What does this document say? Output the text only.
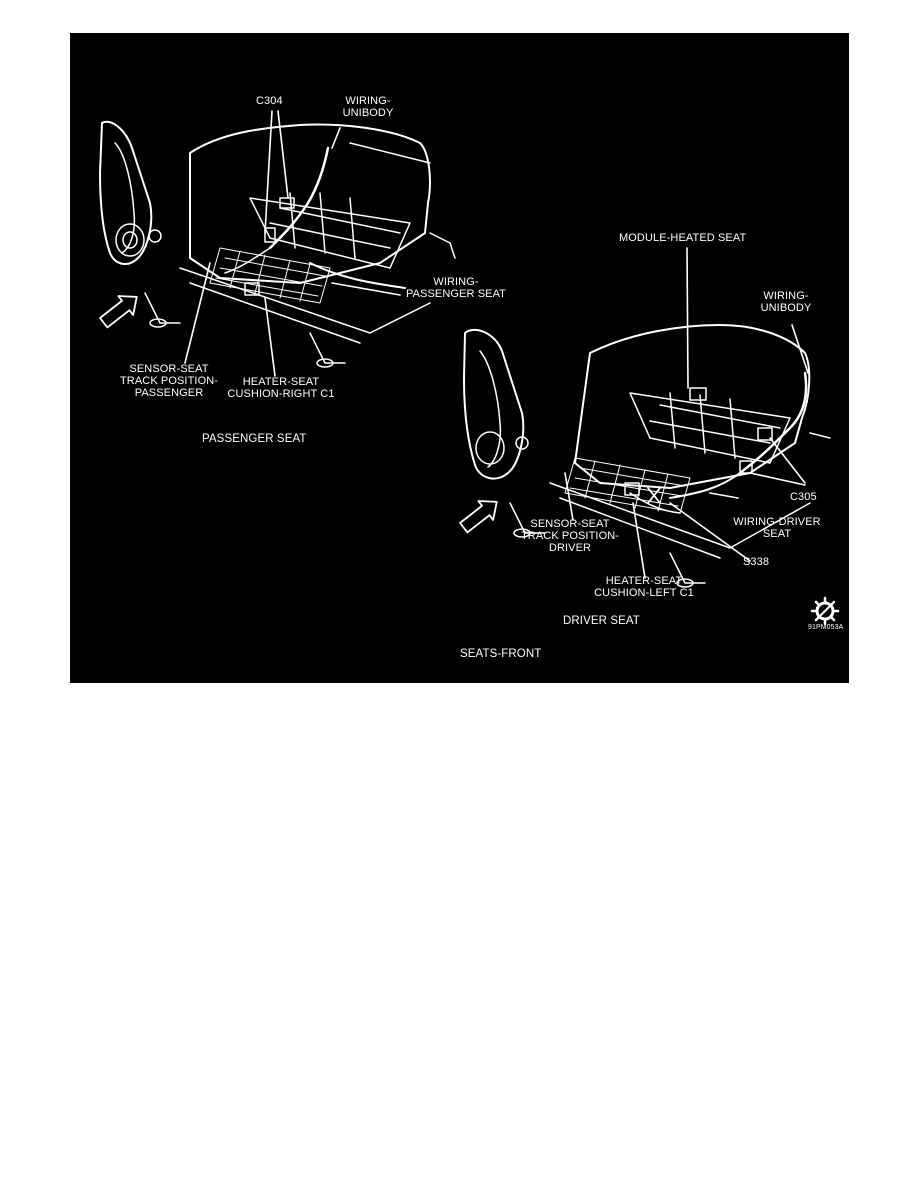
C304	WIRING-
UNIBODY
WIRING-
PASSENGER SEAT
SENSOR-SEAT
TRACK POSITION-
PASSENGER
HEATER-SEAT
CUSHION-RIGHT C1
PASSENGER SEAT
MODULE-HEATED SEAT
WIRING-
UNIBODY
C305
WIRING-DRIVER
SEAT
S338
SENSOR-SEAT
TRACK POSITION-
DRIVER
HEATER-SEAT
CUSHION-LEFT C1
DRIVER SEAT
91PM053A
SEATS-FRONT
